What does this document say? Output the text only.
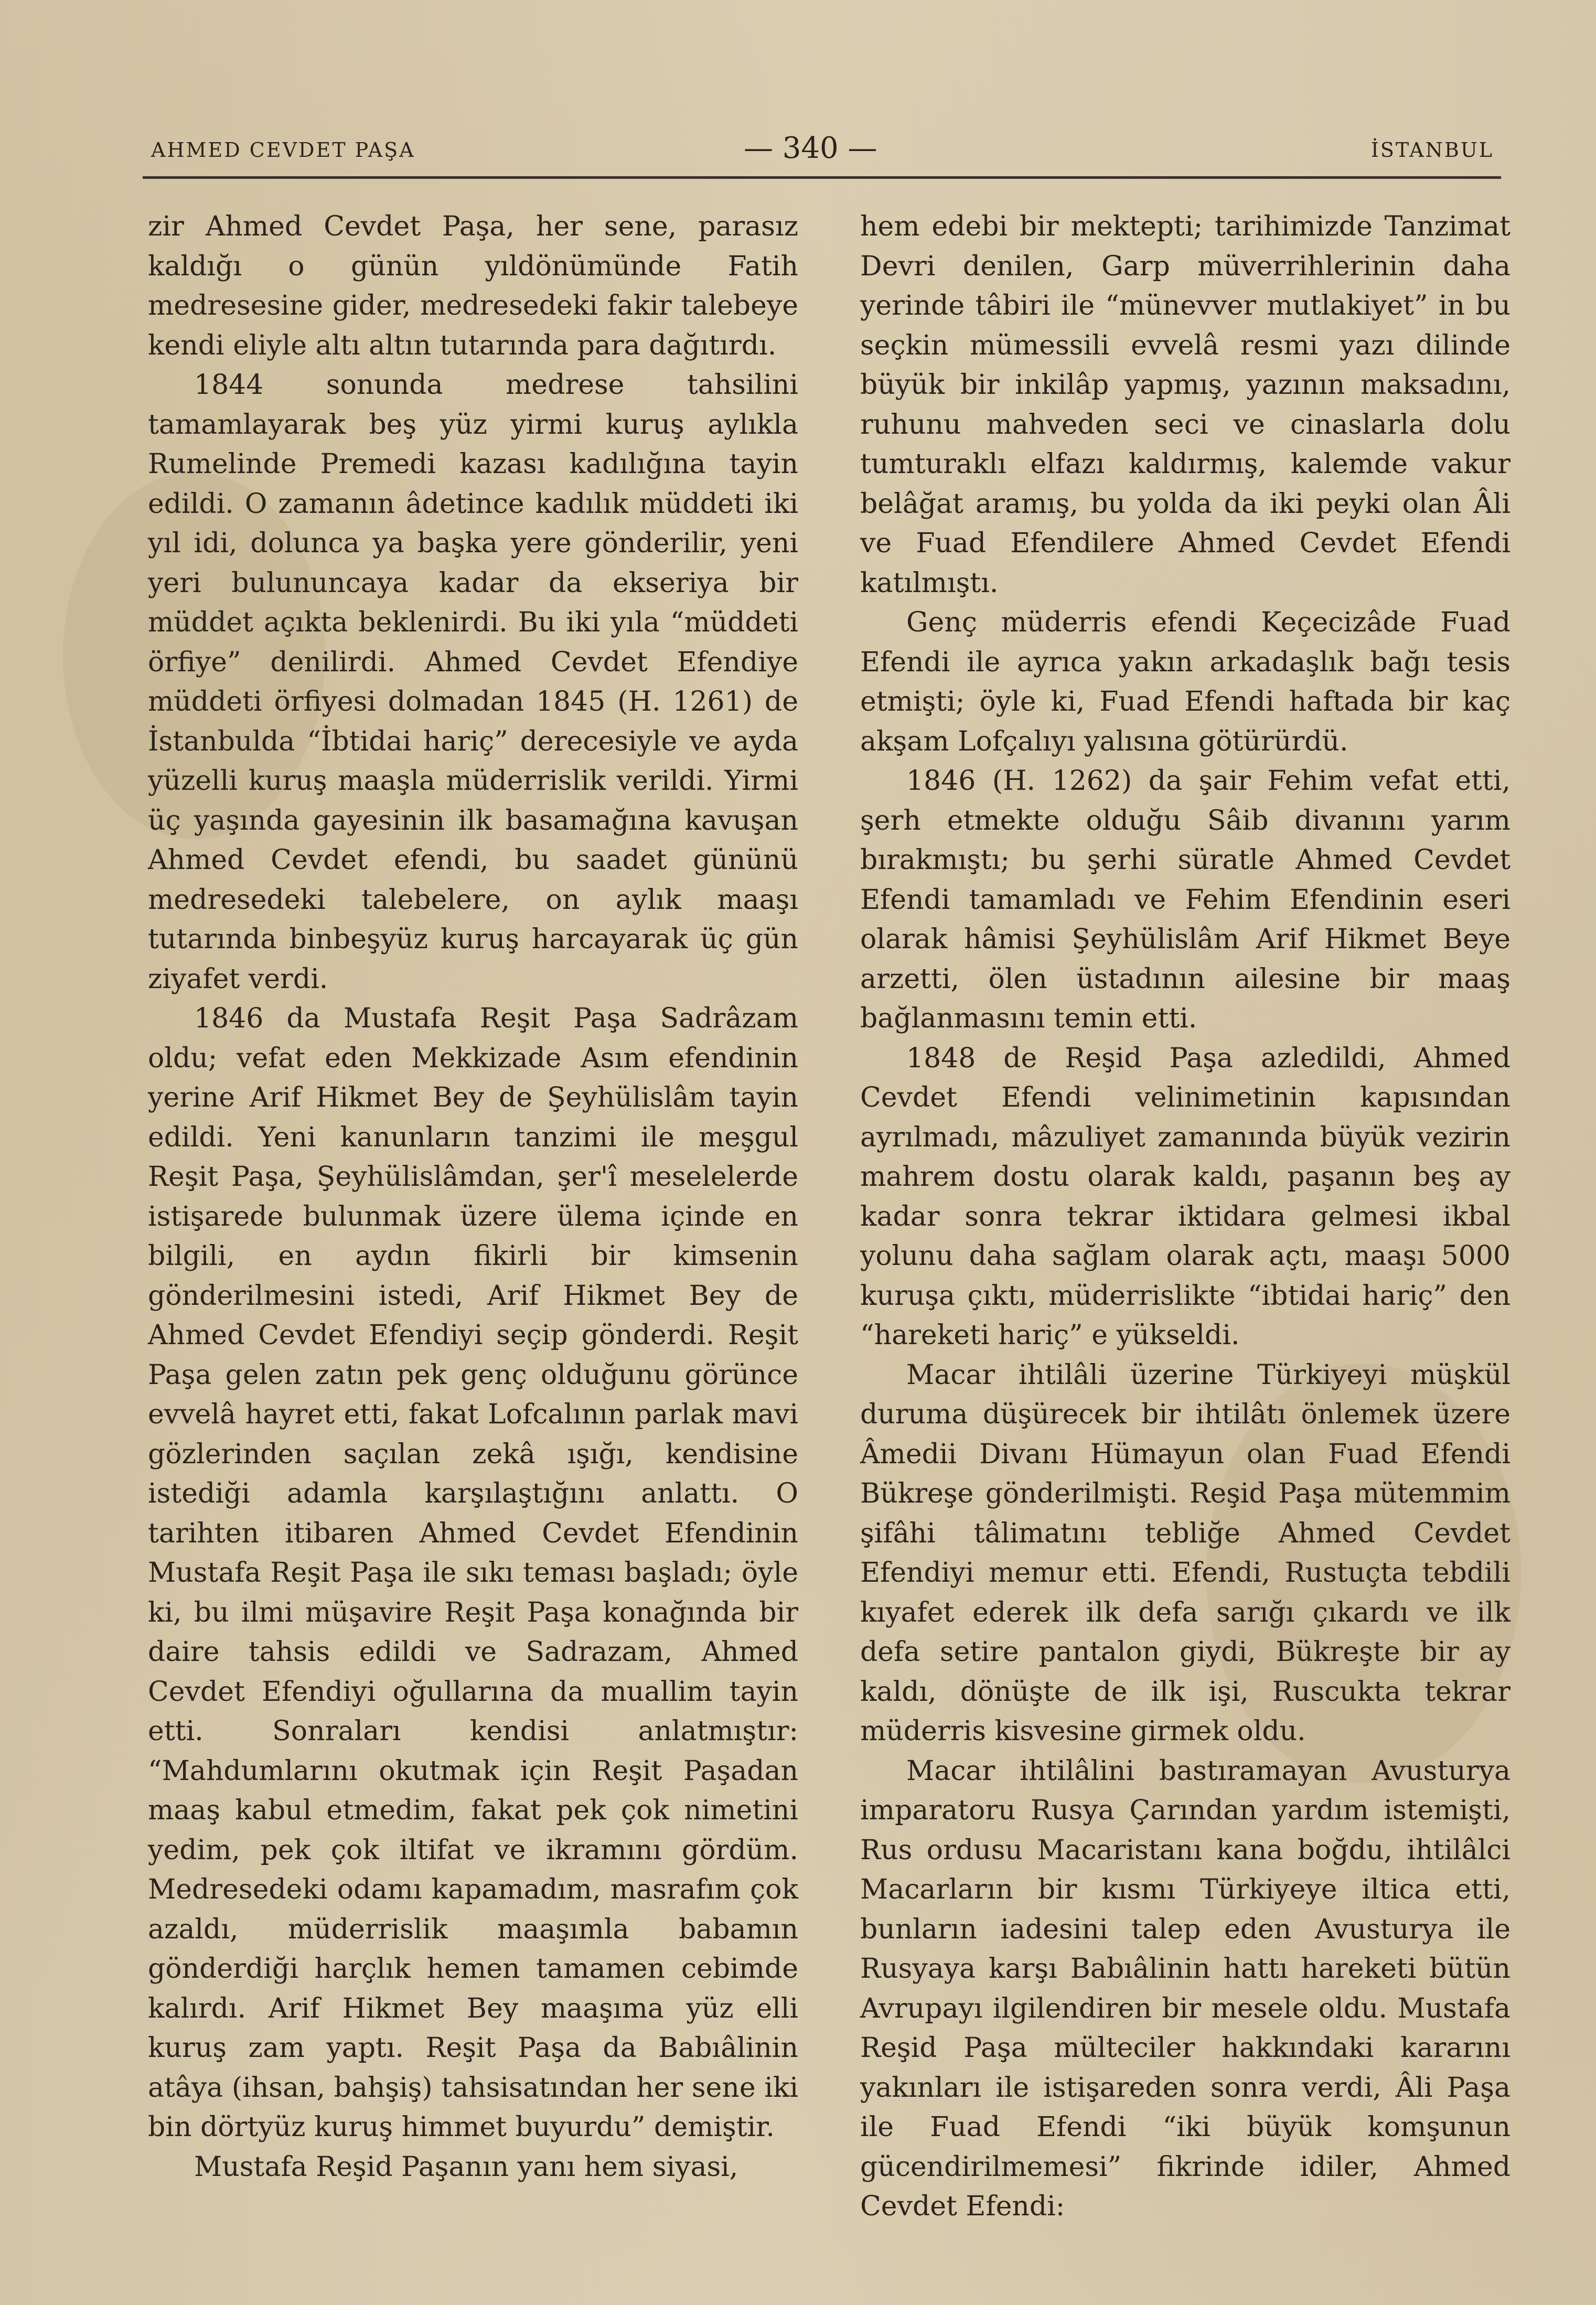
AHMED CEVDET PAŞA	— 340 —	İSTANBUL

zir Ahmed Cevdet Paşa, her sene, parasız kaldığı o günün yıldönümünde Fatih medresesine gider, medresedeki fakir talebeye kendi eliyle altı altın tutarında para dağıtırdı.

1844 sonunda medrese tahsilini tamamlayarak beş yüz yirmi kuruş aylıkla Rumelinde Premedi kazası kadılığına tayin edildi. O zamanın âdetince kadılık müddeti iki yıl idi, dolunca ya başka yere gönderilir, yeni yeri bulununcaya kadar da ekseriya bir müddet açıkta beklenirdi. Bu iki yıla “müddeti örfiye” denilirdi. Ahmed Cevdet Efendiye müddeti örfiyesi dolmadan 1845 (H. 1261) de İstanbulda “İbtidai hariç” derecesiyle ve ayda yüzelli kuruş maaşla müderrislik verildi. Yirmi üç yaşında gayesinin ilk basamağına kavuşan Ahmed Cevdet efendi, bu saadet gününü medresedeki talebelere, on aylık maaşı tutarında binbeşyüz kuruş harcayarak üç gün ziyafet verdi.

1846 da Mustafa Reşit Paşa Sadrâzam oldu; vefat eden Mekkizade Asım efendinin yerine Arif Hikmet Bey de Şeyhülislâm tayin edildi. Yeni kanunların tanzimi ile meşgul Reşit Paşa, Şeyhülislâmdan, şer'î meselelerde istişarede bulunmak üzere ülema içinde en bilgili, en aydın fikirli bir kimsenin gönderilmesini istedi, Arif Hikmet Bey de Ahmed Cevdet Efendiyi seçip gönderdi. Reşit Paşa gelen zatın pek genç olduğunu görünce evvelâ hayret etti, fakat Lofcalının parlak mavi gözlerinden saçılan zekâ ışığı, kendisine istediği adamla karşılaştığını anlattı. O tarihten itibaren Ahmed Cevdet Efendinin Mustafa Reşit Paşa ile sıkı teması başladı; öyle ki, bu ilmi müşavire Reşit Paşa konağında bir daire tahsis edildi ve Sadrazam, Ahmed Cevdet Efendiyi oğullarına da muallim tayin etti. Sonraları kendisi anlatmıştır: “Mahdumlarını okutmak için Reşit Paşadan maaş kabul etmedim, fakat pek çok nimetini yedim, pek çok iltifat ve ikramını gördüm. Medresedeki odamı kapamadım, masrafım çok azaldı, müderrislik maaşımla babamın gönderdiği harçlık hemen tamamen cebimde kalırdı. Arif Hikmet Bey maaşıma yüz elli kuruş zam yaptı. Reşit Paşa da Babıâlinin atâya (ihsan, bahşiş) tahsisatından her sene iki bin dörtyüz kuruş himmet buyurdu” demiştir.

Mustafa Reşid Paşanın yanı hem siyasi,

hem edebi bir mektepti; tarihimizde Tanzimat Devri denilen, Garp müverrihlerinin daha yerinde tâbiri ile “münevver mutlakiyet” in bu seçkin mümessili evvelâ resmi yazı dilinde büyük bir inkilâp yapmış, yazının maksadını, ruhunu mahveden seci ve cinaslarla dolu tumturaklı elfazı kaldırmış, kalemde vakur belâğat aramış, bu yolda da iki peyki olan Âli ve Fuad Efendilere Ahmed Cevdet Efendi katılmıştı.

Genç müderris efendi Keçecizâde Fuad Efendi ile ayrıca yakın arkadaşlık bağı tesis etmişti; öyle ki, Fuad Efendi haftada bir kaç akşam Lofçalıyı yalısına götürürdü.

1846 (H. 1262) da şair Fehim vefat etti, şerh etmekte olduğu Sâib divanını yarım bırakmıştı; bu şerhi süratle Ahmed Cevdet Efendi tamamladı ve Fehim Efendinin eseri olarak hâmisi Şeyhülislâm Arif Hikmet Beye arzetti, ölen üstadının ailesine bir maaş bağlanmasını temin etti.

1848 de Reşid Paşa azledildi, Ahmed Cevdet Efendi velinimetinin kapısından ayrılmadı, mâzuliyet zamanında büyük vezirin mahrem dostu olarak kaldı, paşanın beş ay kadar sonra tekrar iktidara gelmesi ikbal yolunu daha sağlam olarak açtı, maaşı 5000 kuruşa çıktı, müderrislikte “ibtidai hariç” den “hareketi hariç” e yükseldi.

Macar ihtilâli üzerine Türkiyeyi müşkül duruma düşürecek bir ihtilâtı önlemek üzere Âmedii Divanı Hümayun olan Fuad Efendi Bükreşe gönderilmişti. Reşid Paşa mütemmim şifâhi tâlimatını tebliğe Ahmed Cevdet Efendiyi memur etti. Efendi, Rustuçta tebdili kıyafet ederek ilk defa sarığı çıkardı ve ilk defa setire pantalon giydi, Bükreşte bir ay kaldı, dönüşte de ilk işi, Ruscukta tekrar müderris kisvesine girmek oldu.

Macar ihtilâlini bastıramayan Avusturya imparatoru Rusya Çarından yardım istemişti, Rus ordusu Macaristanı kana boğdu, ihtilâlci Macarların bir kısmı Türkiyeye iltica etti, bunların iadesini talep eden Avusturya ile Rusyaya karşı Babıâlinin hattı hareketi bütün Avrupayı ilgilendiren bir mesele oldu. Mustafa Reşid Paşa mülteciler hakkındaki kararını yakınları ile istişareden sonra verdi, Âli Paşa ile Fuad Efendi “iki büyük komşunun gücendirilmemesi” fikrinde idiler, Ahmed Cevdet Efendi:
